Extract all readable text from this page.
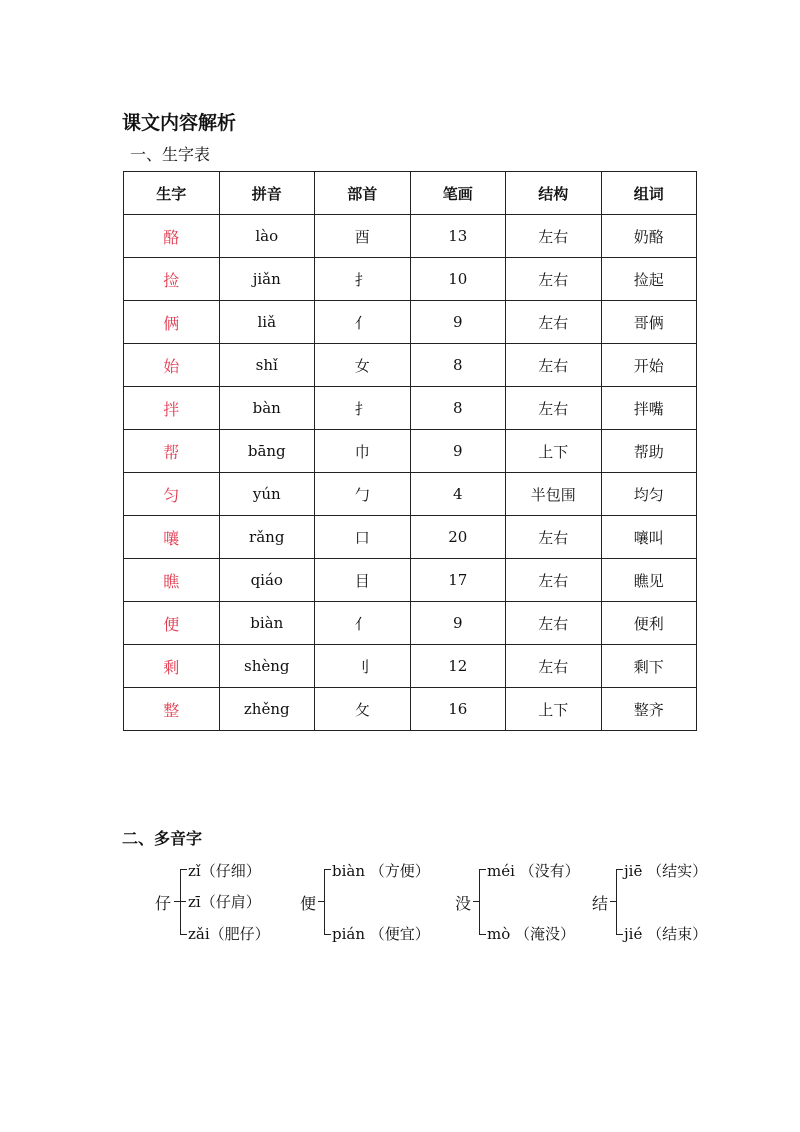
课文内容解析
一、生字表
生字	拼音	部首	笔画	结构	组词
酪	lào	酉	13	左右	奶酪
捡	jiǎn	扌	10	左右	捡起
俩	liǎ	亻	9	左右	哥俩
始	shǐ	女	8	左右	开始
拌	bàn	扌	8	左右	拌嘴
帮	bāng	巾	9	上下	帮助
匀	yún	勹	4	半包围	均匀
嚷	rǎng	口	20	左右	嚷叫
瞧	qiáo	目	17	左右	瞧见
便	biàn	亻	9	左右	便利
剩	shèng	刂	12	左右	剩下
整	zhěng	攵	16	上下	整齐
二、多音字
仔
zǐ（仔细）
zī（仔肩）
zǎi（肥仔）
便
biàn （方便）
pián （便宜）
没
méi （没有）
mò （淹没）
结
jiē （结实）
jié （结束）
